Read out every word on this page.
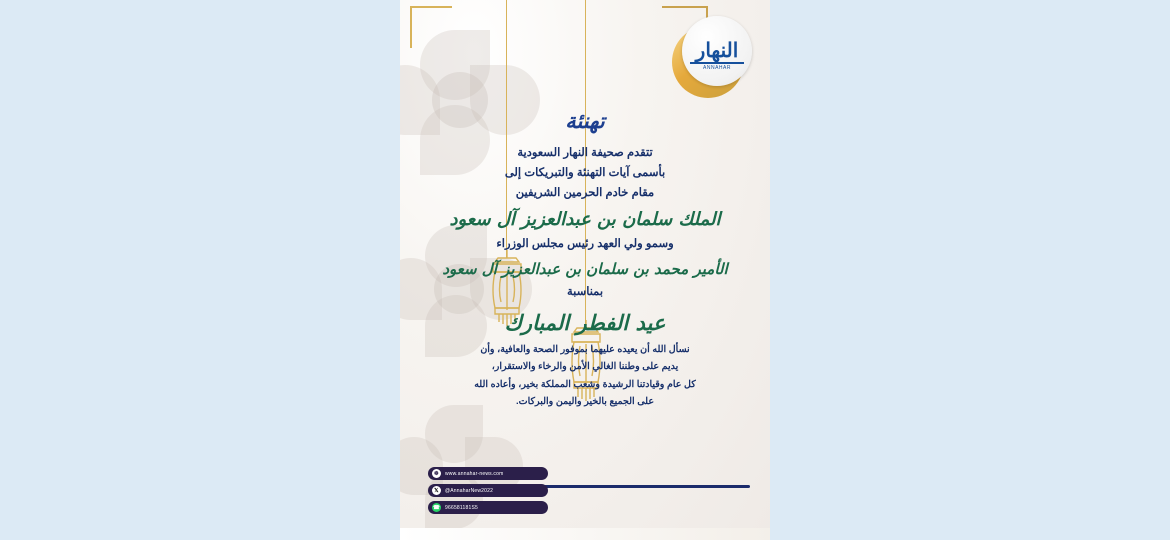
النهار
ANNAHAR
تهنئة
تتقدم صحيفة النهار السعودية
بأسمى آيات التهنئة والتبريكات إلى
مقام خادم الحرمين الشريفين
الملك سلمان بن عبدالعزيز آل سعود
وسمو ولي العهد رئيس مجلس الوزراء
الأمير محمد بن سلمان بن عبدالعزيز آل سعود
بمناسبة
عيد الفطر المبارك
نسأل الله أن يعيده عليهما بموفور الصحة والعافية، وأن
يديم على وطننا الغالي الأمن والرخاء والاستقرار،
كل عام وقيادتنا الرشيدة وشعب المملكة بخير، وأعاده الله
على الجميع بالخير واليمن والبركات.
☸	www.annahar-news.com
𝕏	@AnnaharNew2022
☎ 966581181S5
